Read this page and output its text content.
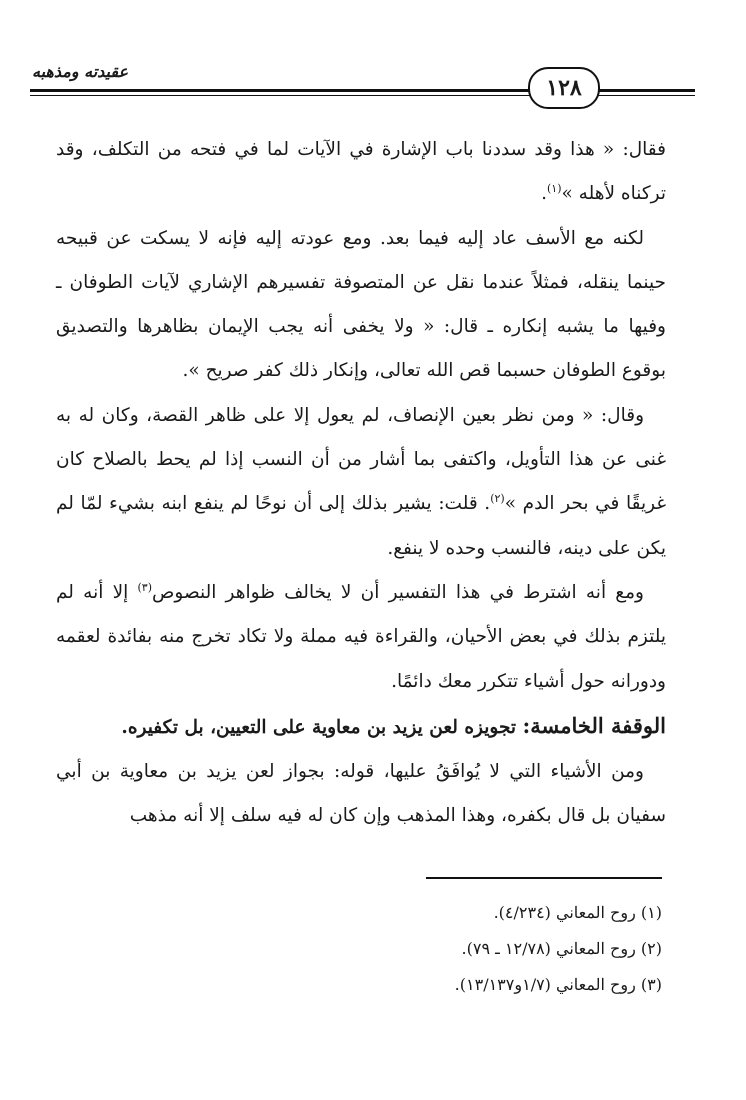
١٢٨
عقيدته ومذهبه

فقال: « هذا وقد سددنا باب الإشارة في الآيات لما في فتحه من التكلف، وقد تركناه لأهله »$^{(١)}$.

لكنه مع الأسف عاد إليه فيما بعد. ومع عودته إليه فإنه لا يسكت عن قبيحه حينما ينقله، فمثلاً عندما نقل عن المتصوفة تفسيرهم الإشاري لآيات الطوفان ـ وفيها ما يشبه إنكاره ـ قال: « ولا يخفى أنه يجب الإيمان بظاهرها والتصديق بوقوع الطوفان حسبما قص الله تعالى، وإنكار ذلك كفر صريح ».

وقال: « ومن نظر بعين الإنصاف، لم يعول إلا على ظاهر القصة، وكان له به غنى عن هذا التأويل، واكتفى بما أشار من أن النسب إذا لم يحط بالصلاح كان غريقًا في بحر الدم »$^{(٢)}$. قلت: يشير بذلك إلى أن نوحًا لم ينفع ابنه بشيء لمّا لم يكن على دينه، فالنسب وحده لا ينفع.

ومع أنه اشترط في هذا التفسير أن لا يخالف ظواهر النصوص$^{(٣)}$ إلا أنه لم يلتزم بذلك في بعض الأحيان، والقراءة فيه مملة ولا تكاد تخرج منه بفائدة لعقمه ودورانه حول أشياء تتكرر معك دائمًا.

الوقفة الخامسة: تجويزه لعن يزيد بن معاوية على التعيين، بل تكفيره.

ومن الأشياء التي لا يُوافَقُ عليها، قوله: بجواز لعن يزيد بن معاوية بن أبي سفيان بل قال بكفره، وهذا المذهب وإن كان له فيه سلف إلا أنه مذهب

(١) روح المعاني (٤/٢٣٤).

(٢) روح المعاني (١٢/٧٨ ـ ٧٩).

(٣) روح المعاني (١/٧و١٣/١٣٧).
